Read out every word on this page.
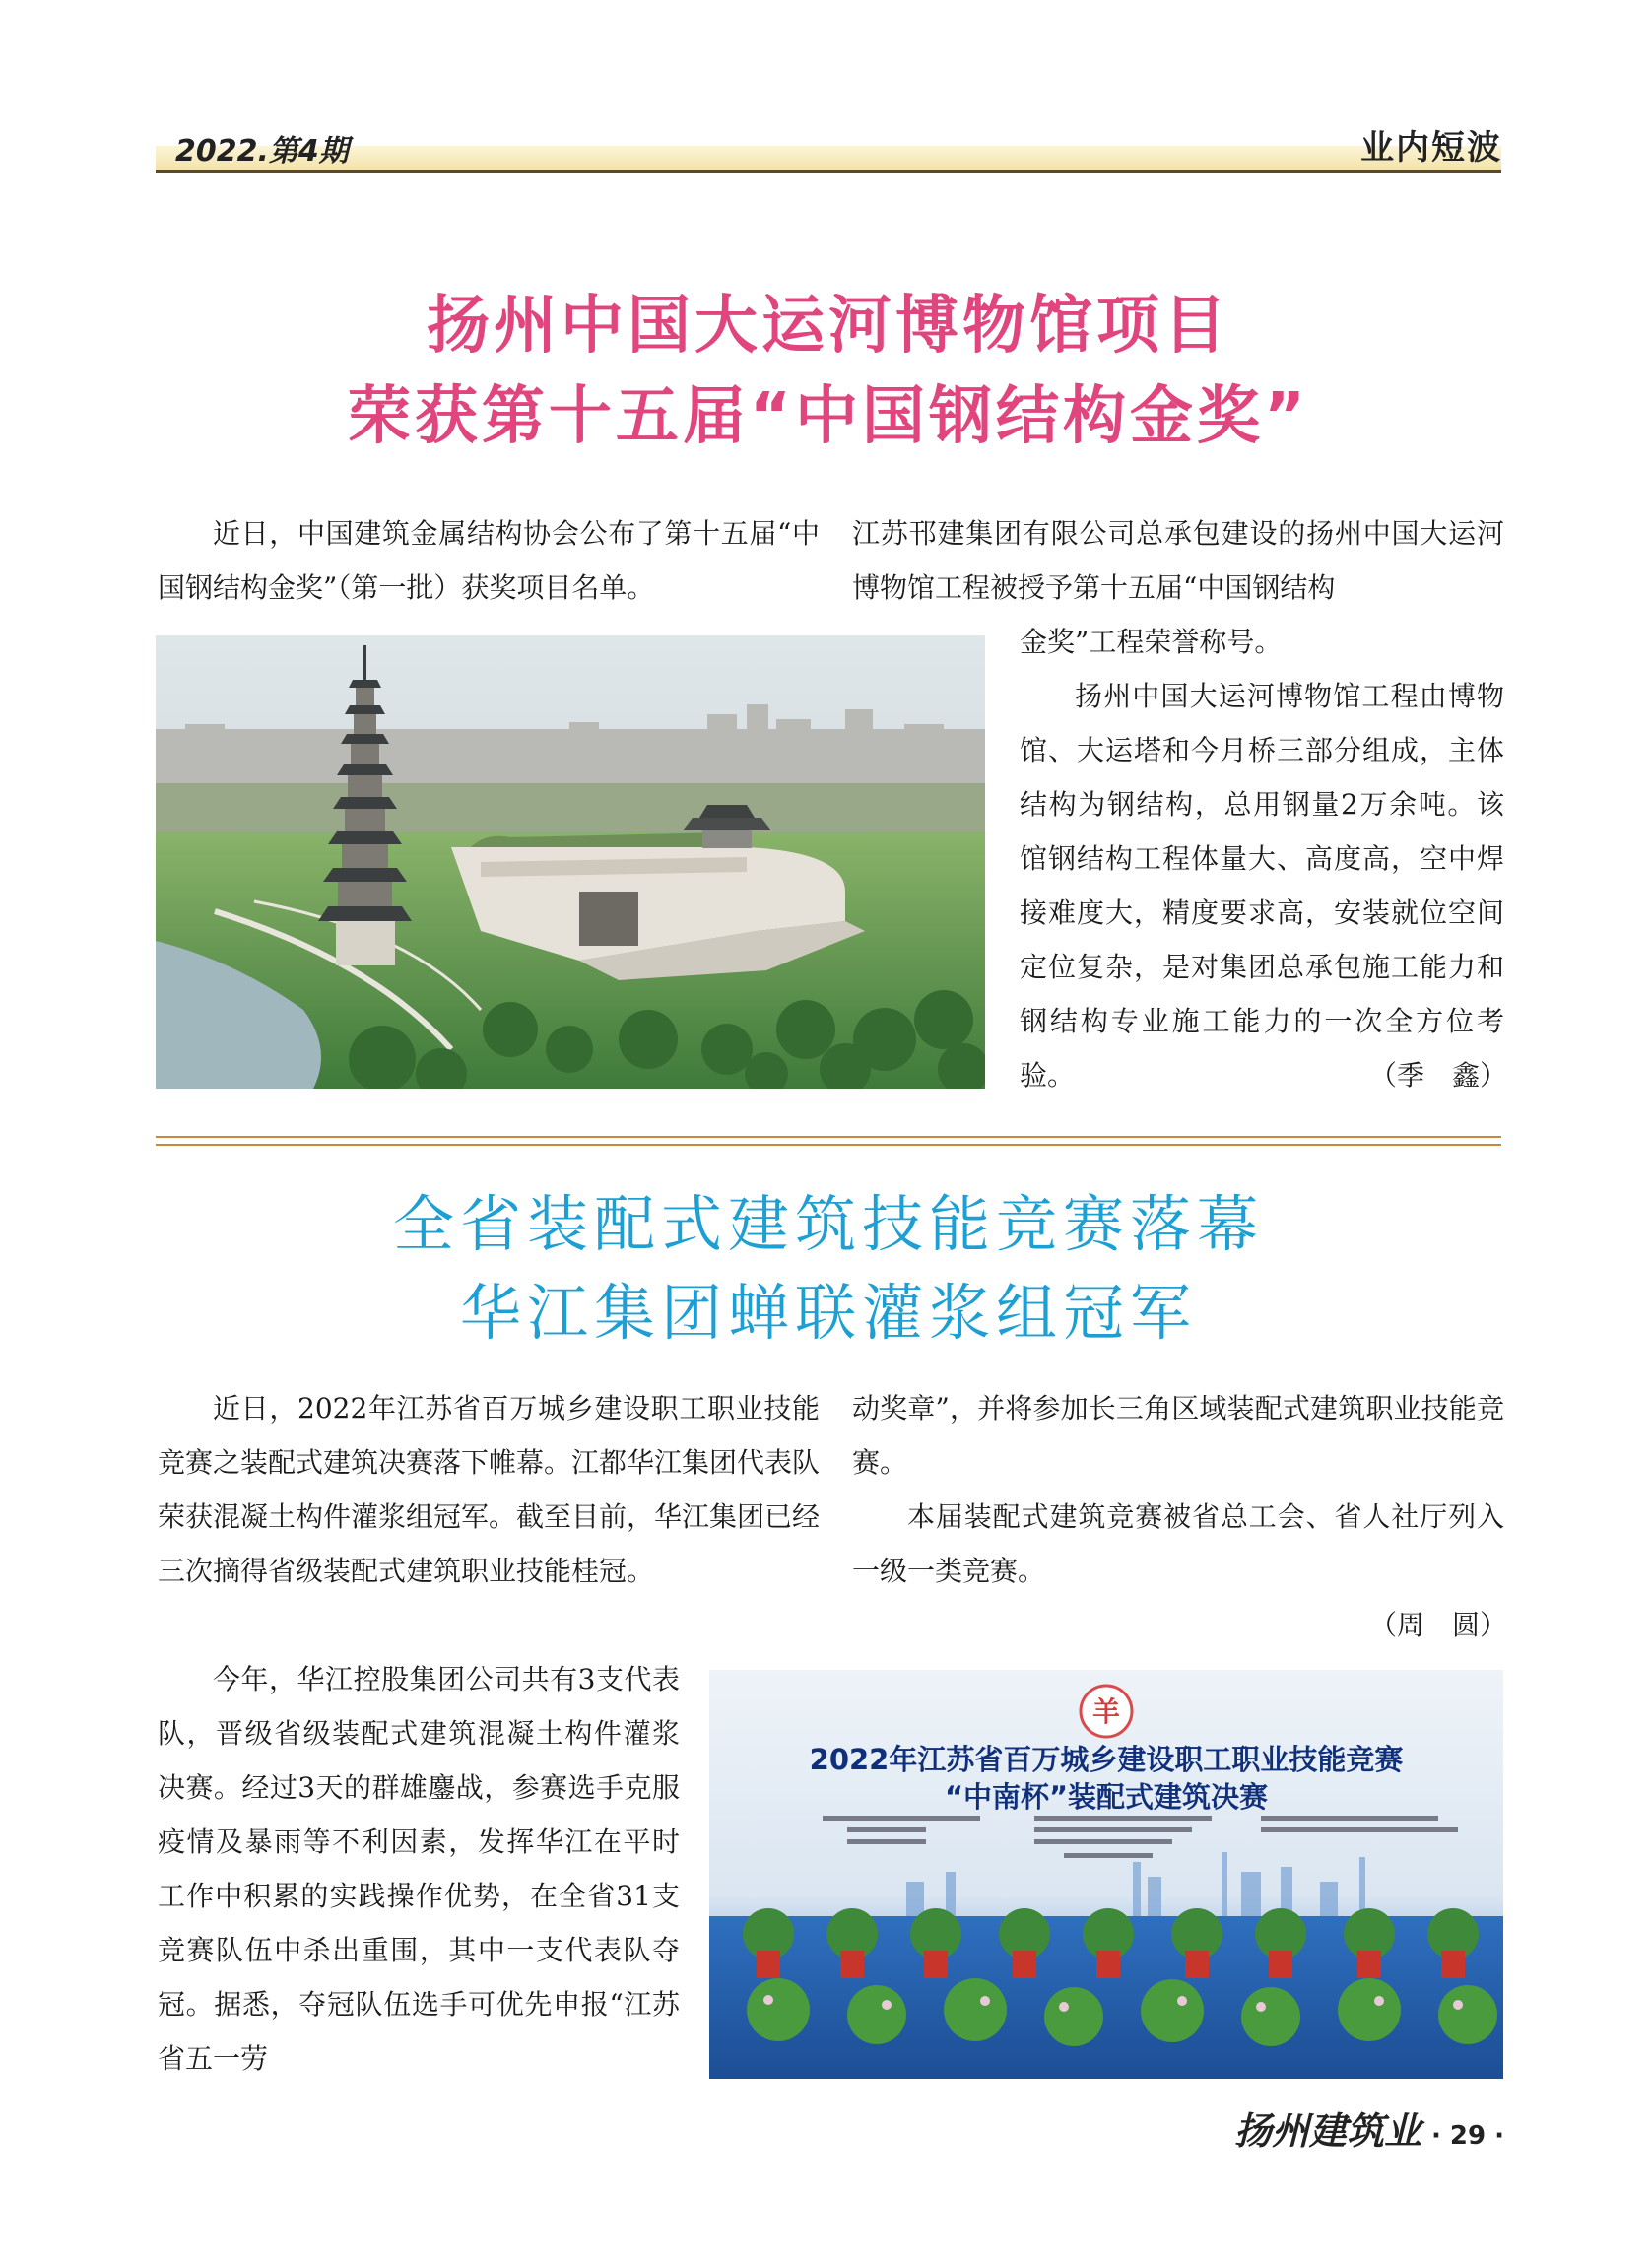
2022.第4期	业内短波
扬州中国大运河博物馆项目
荣获第十五届“中国钢结构金奖”
近日，中国建筑金属结构协会公布了第十五届“中国钢结构金奖”（第一批）获奖项目名单。
江苏邗建集团有限公司总承包建设的扬州中国大运河博物馆工程被授予第十五届“中国钢结构
金奖”工程荣誉称号。
扬州中国大运河博物馆工程由博物馆、大运塔和今月桥三部分组成，主体结构为钢结构，总用钢量2万余吨。该馆钢结构工程体量大、高度高，空中焊接难度大，精度要求高，安装就位空间定位复杂，是对集团总承包施工能力和钢结构专业施工能力的一次全方位考验。	（季　鑫）
全省装配式建筑技能竞赛落幕
华江集团蝉联灌浆组冠军

近日，2022年江苏省百万城乡建设职工职业技能竞赛之装配式建筑决赛落下帷幕。江都华江集团代表队荣获混凝土构件灌浆组冠军。截至目前，华江集团已经三次摘得省级装配式建筑职业技能桂冠。

今年，华江控股集团公司共有3支代表队，晋级省级装配式建筑混凝土构件灌浆决赛。经过3天的群雄鏖战，参赛选手克服疫情及暴雨等不利因素，发挥华江在平时工作中积累的实践操作优势，在全省31支竞赛队伍中杀出重围，其中一支代表队夺冠。据悉，夺冠队伍选手可优先申报“江苏省五一劳

动奖章”，并将参加长三角区域装配式建筑职业技能竞赛。

本届装配式建筑竞赛被省总工会、省人社厅列入一级一类竞赛。

（周　圆）
羊
2022年江苏省百万城乡建设职工职业技能竞赛
“中南杯”装配式建筑决赛
扬州建筑业 · 29 ·
